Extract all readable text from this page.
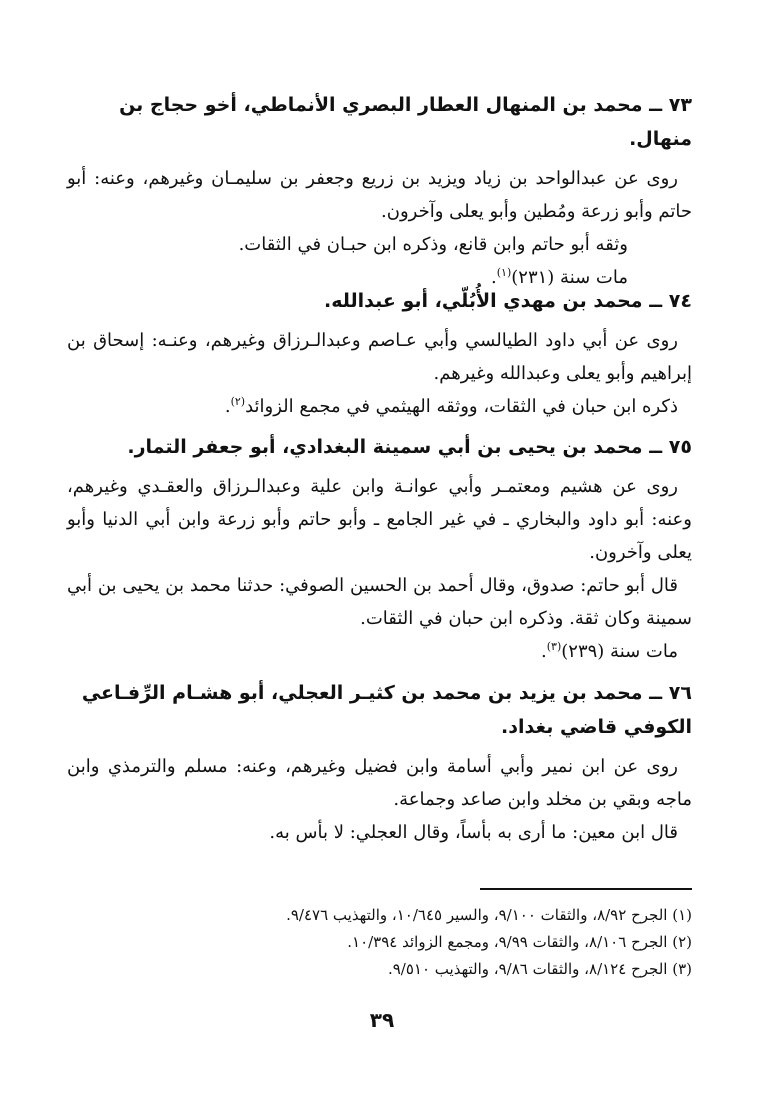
٧٣ ــ محمد بن المنهال العطار البصري الأنماطي، أخو حجاج بن منهال.

روى عن عبدالواحد بن زياد ويزيد بن زريع وجعفر بن سليمـان وغيرهم، وعنه: أبو حاتم وأبو زرعة ومُطين وأبو يعلى وآخرون.

وثقه أبو حاتم وابن قانع، وذكره ابن حبـان في الثقات.

مات سنة (٢٣١)$^{(١)}$.

٧٤ ــ محمد بن مهدي الأُبُلّي، أبو عبدالله.

روى عن أبي داود الطيالسي وأبي عـاصم وعبدالـرزاق وغيرهم، وعنـه: إسحاق بن إبراهيم وأبو يعلى وعبدالله وغيرهم.

ذكره ابن حبان في الثقات، ووثقه الهيثمي في مجمع الزوائد$^{(٢)}$.

٧٥ ــ محمد بن يحيى بن أبي سمينة البغدادي، أبو جعفر التمار.

روى عن هشيم ومعتمـر وأبي عوانـة وابن علية وعبدالـرزاق والعقـدي وغيرهم، وعنه: أبو داود والبخاري ـ في غير الجامع ـ وأبو حاتم وأبو زرعة وابن أبي الدنيا وأبو يعلى وآخرون.

قال أبو حاتم: صدوق، وقال أحمد بن الحسين الصوفي: حدثنا محمد بن يحيى بن أبي سمينة وكان ثقة. وذكره ابن حبان في الثقات.

مات سنة (٢٣٩)$^{(٣)}$.

٧٦ ــ محمد بن يزيد بن محمد بن كثيـر العجلي، أبو هشـام الرِّفـاعي الكوفي قاضي بغداد.

روى عن ابن نمير وأبي أسامة وابن فضيل وغيرهم، وعنه: مسلم والترمذي وابن ماجه وبقي بن مخلد وابن صاعد وجماعة.

قال ابن معين: ما أرى به بأساً، وقال العجلي: لا بأس به.

(١) الجرح ٨/٩٢، والثقات ٩/١٠٠، والسير ١٠/٦٤٥، والتهذيب ٩/٤٧٦.

(٢) الجرح ٨/١٠٦، والثقات ٩/٩٩، ومجمع الزوائد ١٠/٣٩٤.

(٣) الجرح ٨/١٢٤، والثقات ٩/٨٦، والتهذيب ٩/٥١٠.

٣٩
